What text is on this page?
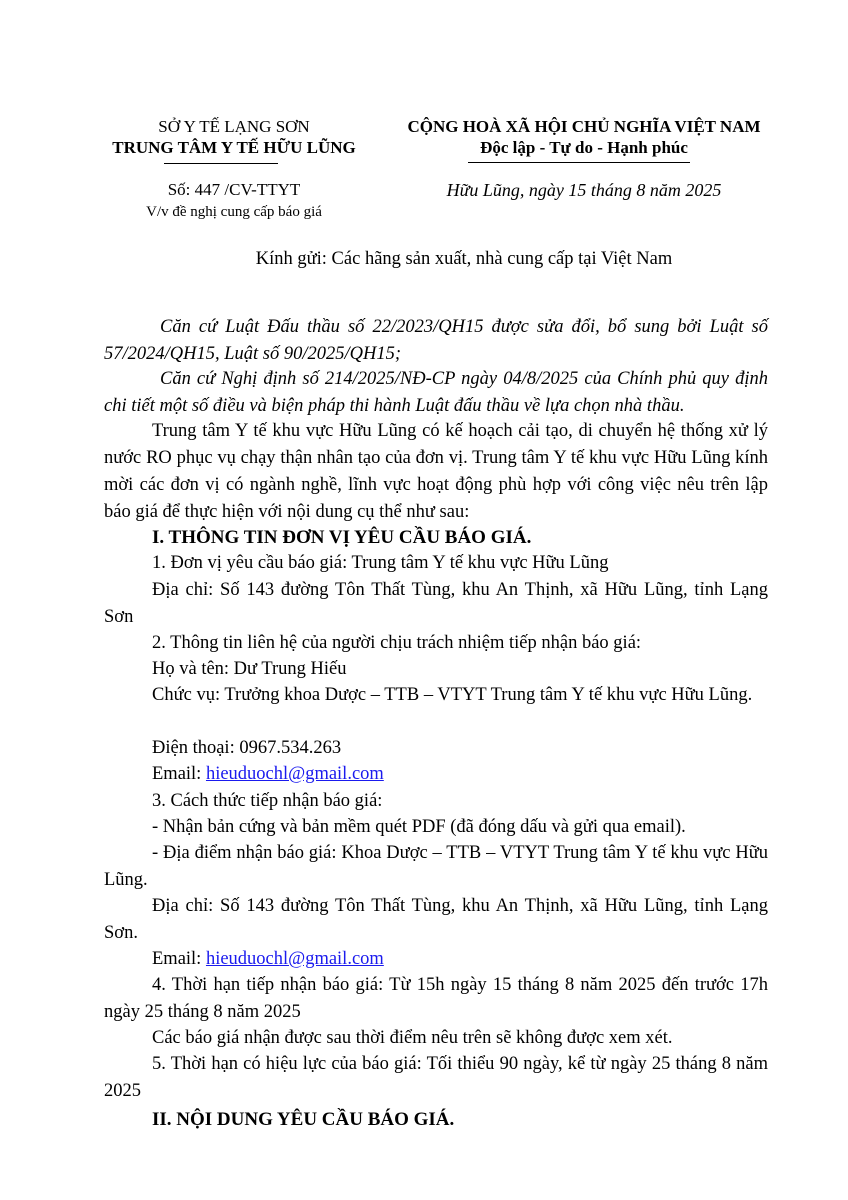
SỞ Y TẾ LẠNG SƠN
TRUNG TÂM Y TẾ HỮU LŨNG
Số: 447 /CV-TTYT
V/v đề nghị cung cấp báo giá
CỘNG HOÀ XÃ HỘI CHỦ NGHĨA VIỆT NAM
Độc lập - Tự do - Hạnh phúc
Hữu Lũng, ngày 15 tháng 8 năm 2025
Kính gửi: Các hãng sản xuất, nhà cung cấp tại Việt Nam
Căn cứ Luật Đấu thầu số 22/2023/QH15 được sửa đổi, bổ sung bởi Luật số 57/2024/QH15, Luật số 90/2025/QH15;
Căn cứ Nghị định số 214/2025/NĐ-CP ngày 04/8/2025 của Chính phủ quy định chi tiết một số điều và biện pháp thi hành Luật đấu thầu về lựa chọn nhà thầu.
Trung tâm Y tế khu vực Hữu Lũng có kế hoạch cải tạo, di chuyển hệ thống xử lý nước RO phục vụ chạy thận nhân tạo của đơn vị. Trung tâm Y tế khu vực Hữu Lũng kính mời các đơn vị có ngành nghề, lĩnh vực hoạt động phù hợp với công việc nêu trên lập báo giá để thực hiện với nội dung cụ thể như sau:
I. THÔNG TIN ĐƠN VỊ YÊU CẦU BÁO GIÁ.
1. Đơn vị yêu cầu báo giá: Trung tâm Y tế khu vực Hữu Lũng
Địa chỉ: Số 143 đường Tôn Thất Tùng, khu An Thịnh, xã Hữu Lũng, tỉnh Lạng Sơn
2. Thông tin liên hệ của người chịu trách nhiệm tiếp nhận báo giá:
Họ và tên: Dư Trung Hiếu
Chức vụ: Trưởng khoa Dược – TTB – VTYT Trung tâm Y tế khu vực Hữu Lũng.
Điện thoại: 0967.534.263
Email: hieuduochl@gmail.com
3. Cách thức tiếp nhận báo giá:
- Nhận bản cứng và bản mềm quét PDF (đã đóng dấu và gửi qua email).
- Địa điểm nhận báo giá: Khoa Dược – TTB – VTYT Trung tâm Y tế khu vực Hữu Lũng.
Địa chỉ: Số 143 đường Tôn Thất Tùng, khu An Thịnh, xã Hữu Lũng, tỉnh Lạng Sơn.
Email: hieuduochl@gmail.com
4. Thời hạn tiếp nhận báo giá: Từ 15h ngày 15 tháng 8 năm 2025 đến trước 17h ngày 25 tháng 8 năm 2025
Các báo giá nhận được sau thời điểm nêu trên sẽ không được xem xét.
5. Thời hạn có hiệu lực của báo giá: Tối thiểu 90 ngày, kể từ ngày 25 tháng 8 năm 2025
II. NỘI DUNG YÊU CẦU BÁO GIÁ.
